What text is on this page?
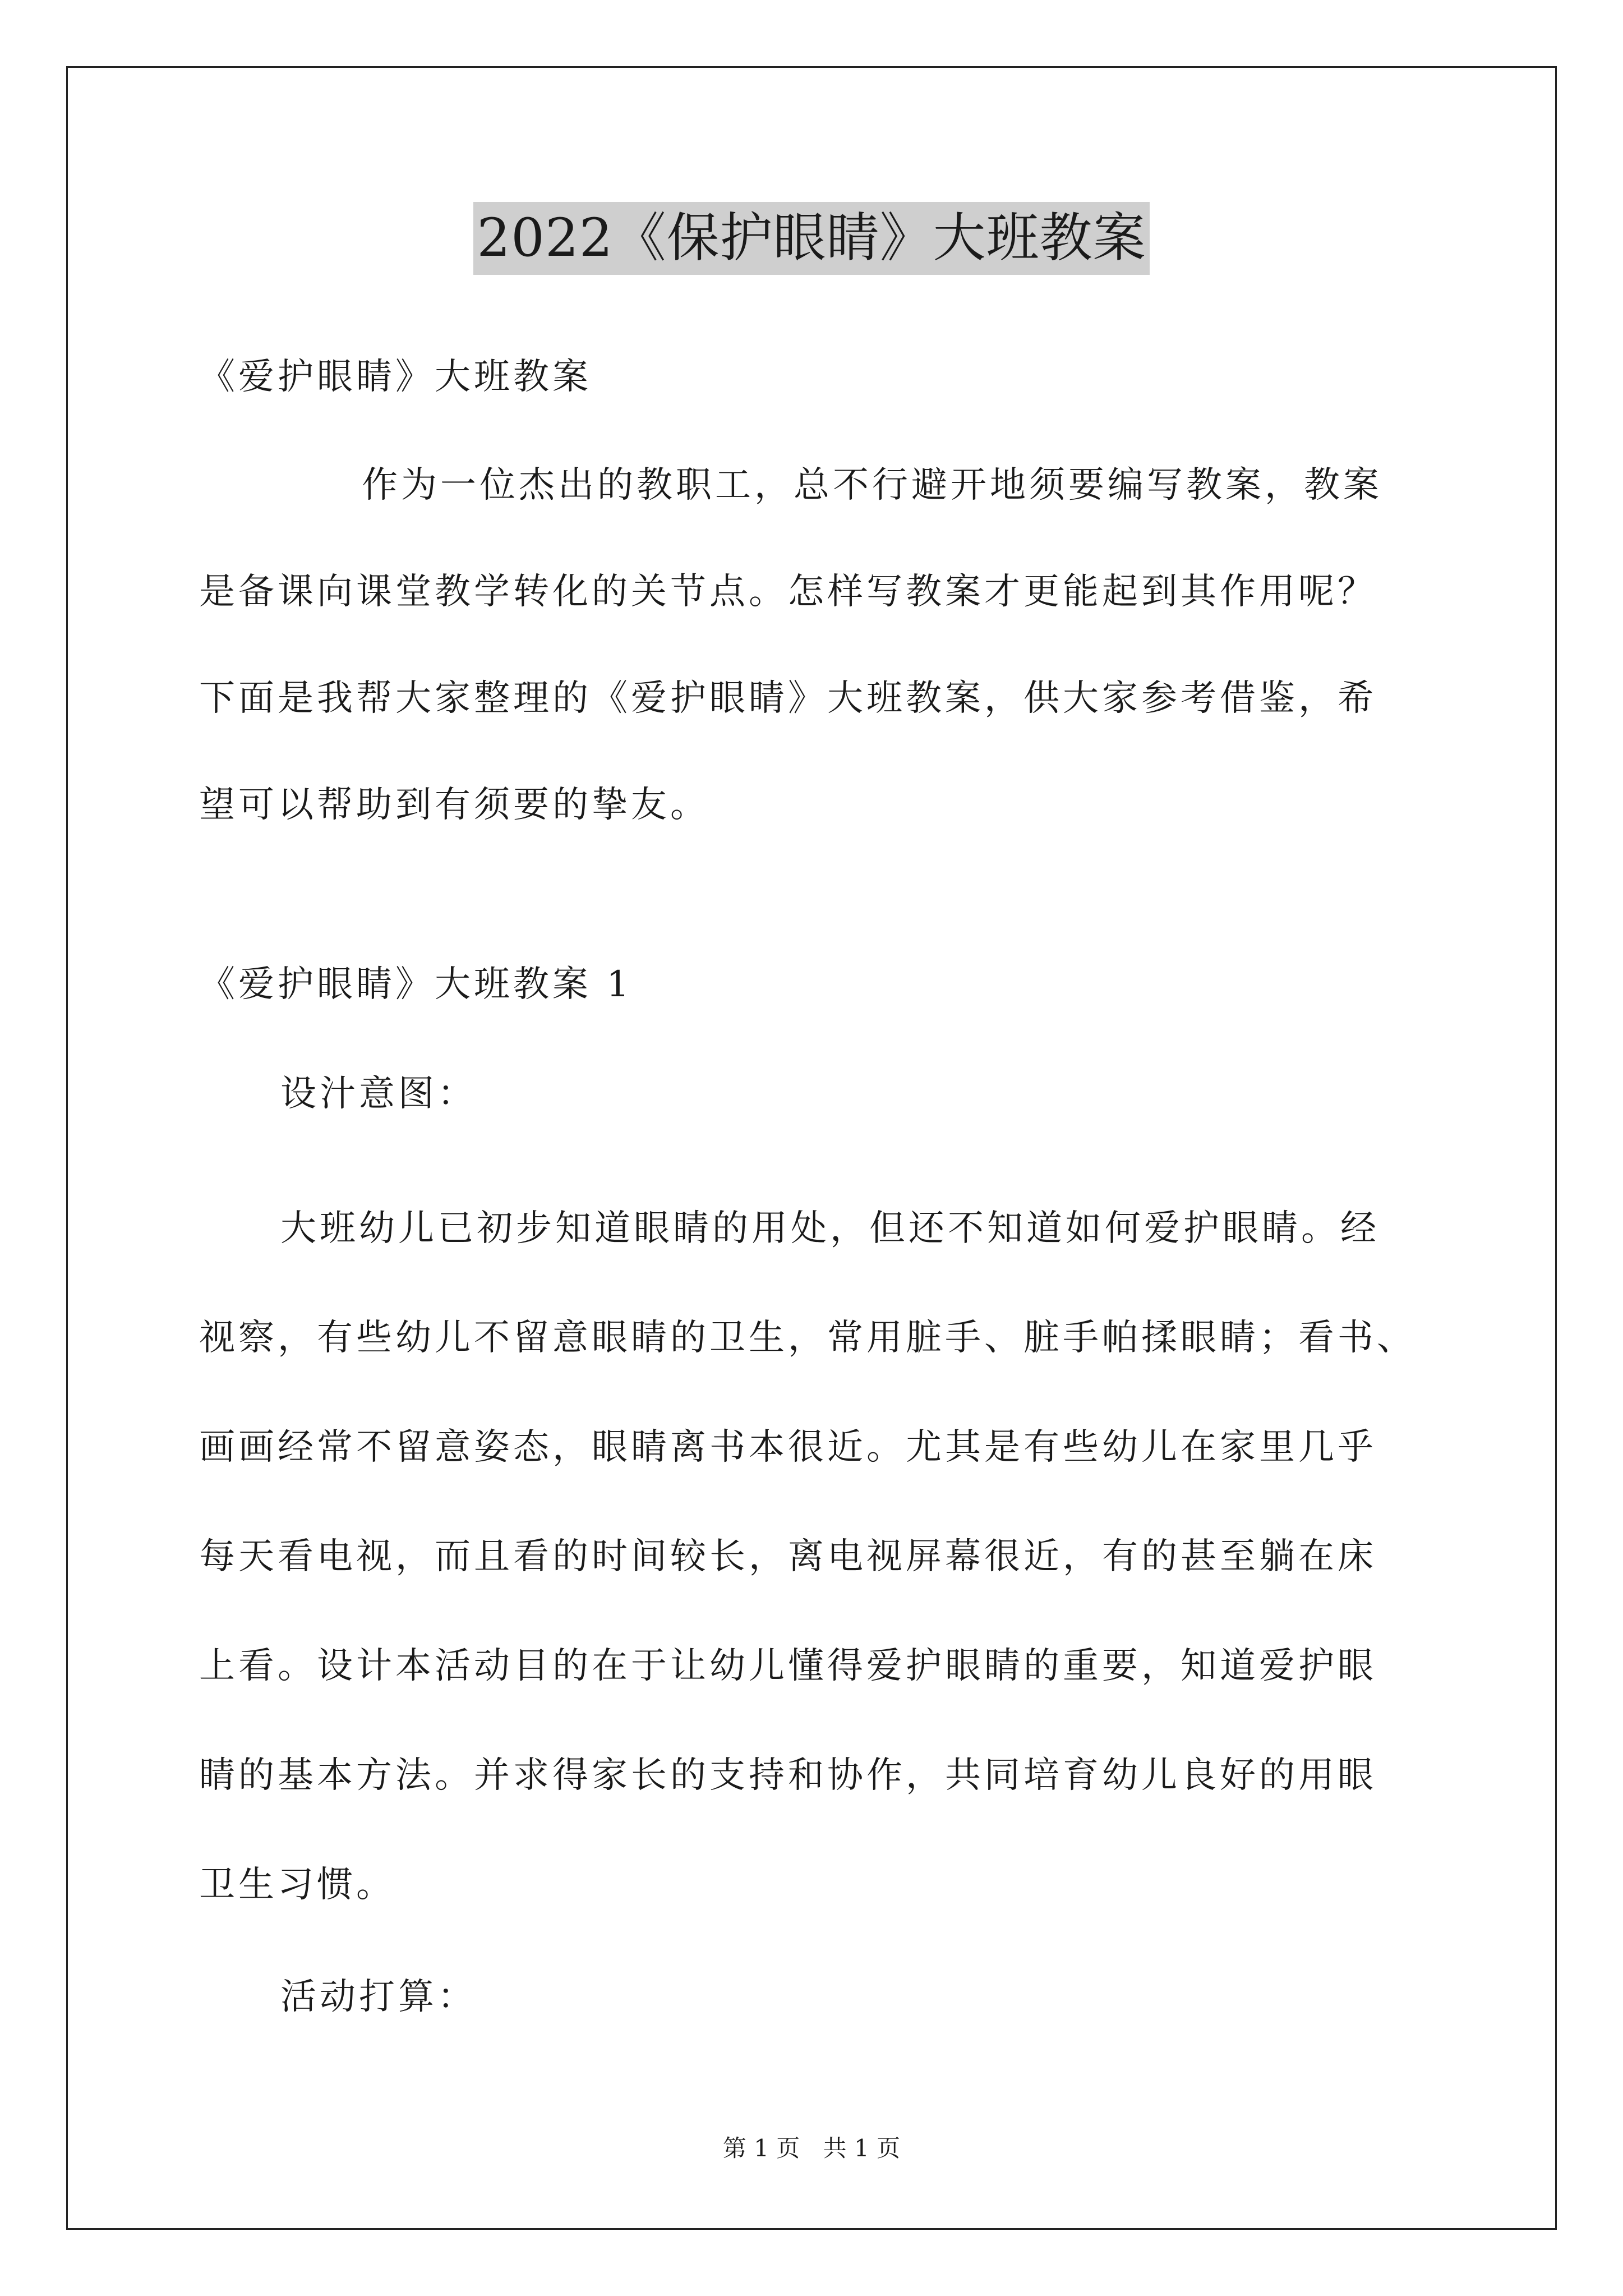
2022《保护眼睛》大班教案
《爱护眼睛》大班教案
作为一位杰出的教职工，总不行避开地须要编写教案，教案
是备课向课堂教学转化的关节点。怎样写教案才更能起到其作用呢？
下面是我帮大家整理的《爱护眼睛》大班教案，供大家参考借鉴，希
望可以帮助到有须要的挚友。
《爱护眼睛》大班教案 1
设汁意图：
大班幼儿已初步知道眼睛的用处，但还不知道如何爱护眼睛。经
视察，有些幼儿不留意眼睛的卫生，常用脏手、脏手帕揉眼睛；看书、
画画经常不留意姿态，眼睛离书本很近。尤其是有些幼儿在家里几乎
每天看电视，而且看的时间较长，离电视屏幕很近，有的甚至躺在床
上看。设计本活动目的在于让幼儿懂得爱护眼睛的重要，知道爱护眼
睛的基本方法。并求得家长的支持和协作，共同培育幼儿良好的用眼
卫生习惯。
活动打算：
第 1 页 共 1 页
